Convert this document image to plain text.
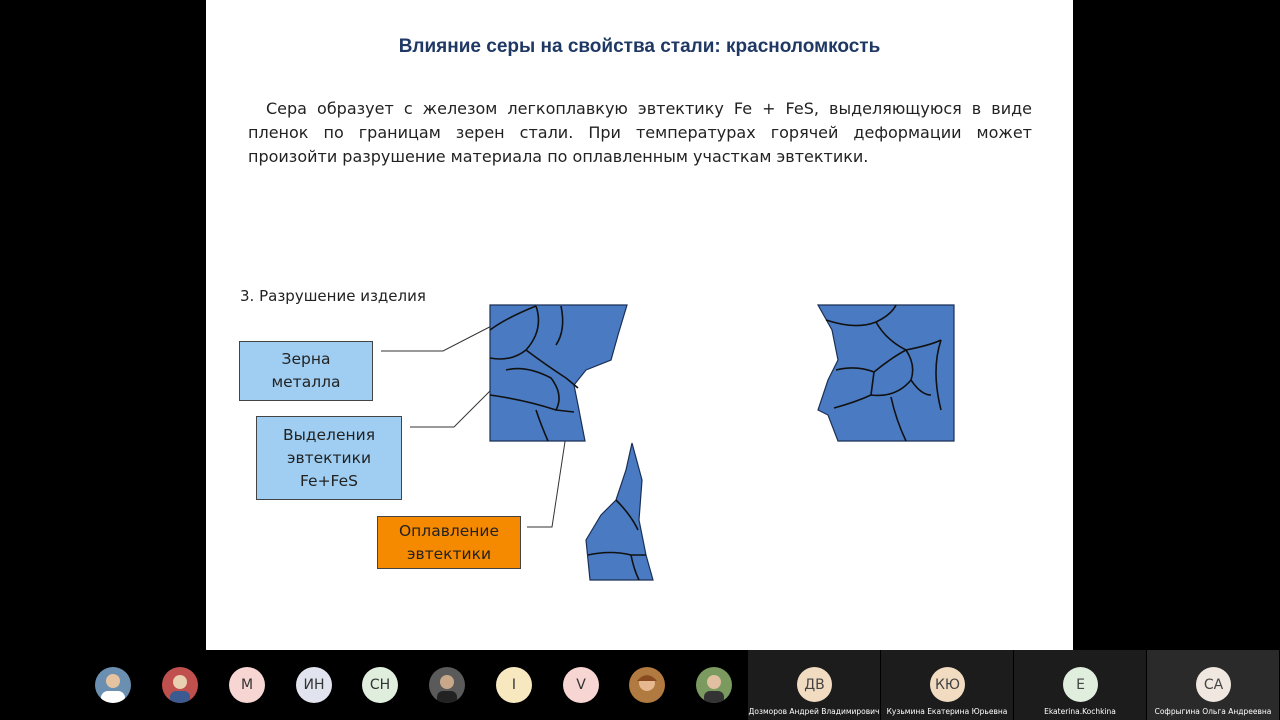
Влияние серы на свойства стали: красноломкость
Сера образует с железом легкоплавкую эвтектику Fe + FeS, выделяющуюся в виде пленок по границам зерен стали. При температурах горячей деформации может произойти разрушение материала по оплавленным участкам эвтектики.
3. Разрушение изделия
Зерна
металла
Выделения
эвтектики
Fe+FeS
Оплавление
эвтектики
М	ИН	СН	I	V	ДВ
Дозморов Андрей Владимирович
КЮ
Кузьмина Екатерина Юрьевна
E
Ekaterina.Kochkina
СА
Софрыгина Ольга Андреевна
